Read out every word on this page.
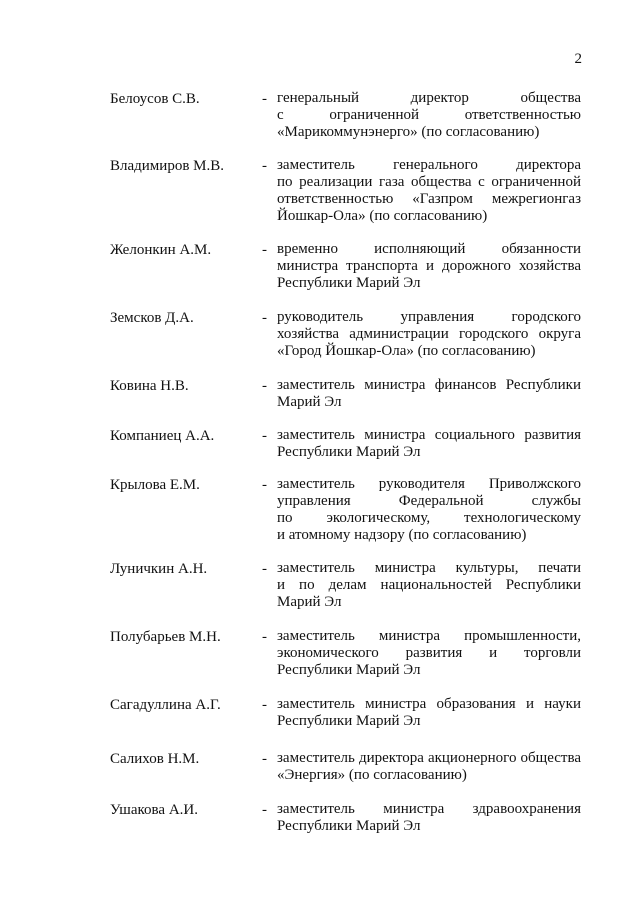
2
Белоусов С.В.	- генеральный директор общества
с ограниченной ответственностью
«Марикоммунэнерго» (по согласованию)
Владимиров М.В.	- заместитель генерального директора
по реализации газа общества с ограниченной
ответственностью «Газпром межрегионгаз
Йошкар-Ола» (по согласованию)
Желонкин А.М.	- временно исполняющий обязанности
министра транспорта и дорожного хозяйства
Республики Марий Эл
Земсков Д.А.	- руководитель управления городского
хозяйства администрации городского округа
«Город Йошкар-Ола» (по согласованию)
Ковина Н.В.	- заместитель министра финансов Республики
Марий Эл
Компаниец А.А.	- заместитель министра социального развития
Республики Марий Эл
Крылова Е.М.	- заместитель руководителя Приволжского
управления Федеральной службы
по экологическому, технологическому
и атомному надзору (по согласованию)
Луничкин А.Н.	- заместитель министра культуры, печати
и по делам национальностей Республики
Марий Эл
Полубарьев М.Н.	- заместитель министра промышленности,
экономического развития и торговли
Республики Марий Эл
Сагадуллина А.Г.	- заместитель министра образования и науки
Республики Марий Эл
Салихов Н.М.	- заместитель директора акционерного общества
«Энергия» (по согласованию)
Ушакова А.И.	- заместитель министра здравоохранения
Республики Марий Эл
